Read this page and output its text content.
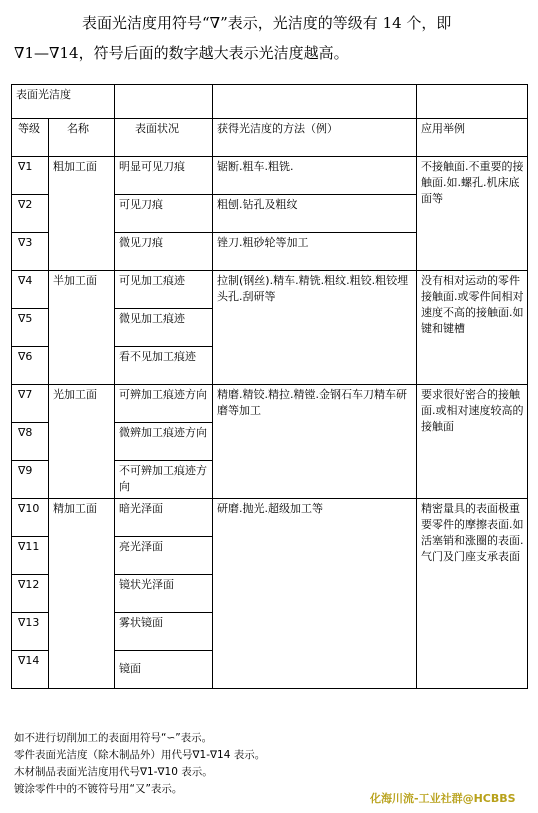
表面光洁度用符号“∇”表示，光洁度的等级有 14 个，即
∇1—∇14，符号后面的数字越大表示光洁度越高。
表面光洁度				
等级	名称	表面状况	获得光洁度的方法（例）	应用举例
∇1	粗加工面	明显可见刀痕	锯断.粗车.粗铣.	不接触面.不重要的接触面.如.螺孔.机床底面等
∇2		可见刀痕	粗刨.钻孔及粗纹	
∇3		微见刀痕	锉刀.粗砂轮等加工	
∇4	半加工面	可见加工痕迹	拉制(钢丝).精车.精铣.粗纹.粗铰.粗铰埋头孔.刮研等	没有相对运动的零件接触面.或零件间相对速度不高的接触面.如键和键槽
∇5		微见加工痕迹		
∇6		看不见加工痕迹		
∇7	光加工面	可辨加工痕迹方向	精磨.精铰.精拉.精镗.金钢石车刀精车研磨等加工	要求很好密合的接触面.或相对速度较高的接触面
∇8		微辨加工痕迹方向		
∇9		不可辨加工痕迹方向		
∇10	精加工面	暗光泽面	研磨.抛光.超级加工等	精密量具的表面极重要零件的摩擦表面.如活塞销和涨圈的表面.气门及门座支承表面
∇11		亮光泽面		
∇12		镜状光泽面		
∇13		雾状镜面		
∇14		镜面		
如不进行切削加工的表面用符号“∽”表示。
零件表面光洁度（除木制品外）用代号∇1-∇14 表示。
木材制品表面光洁度用代号∇1-∇10 表示。
镀涂零件中的不镀符号用“又”表示。
化海川流-工业社群@HCBBS
